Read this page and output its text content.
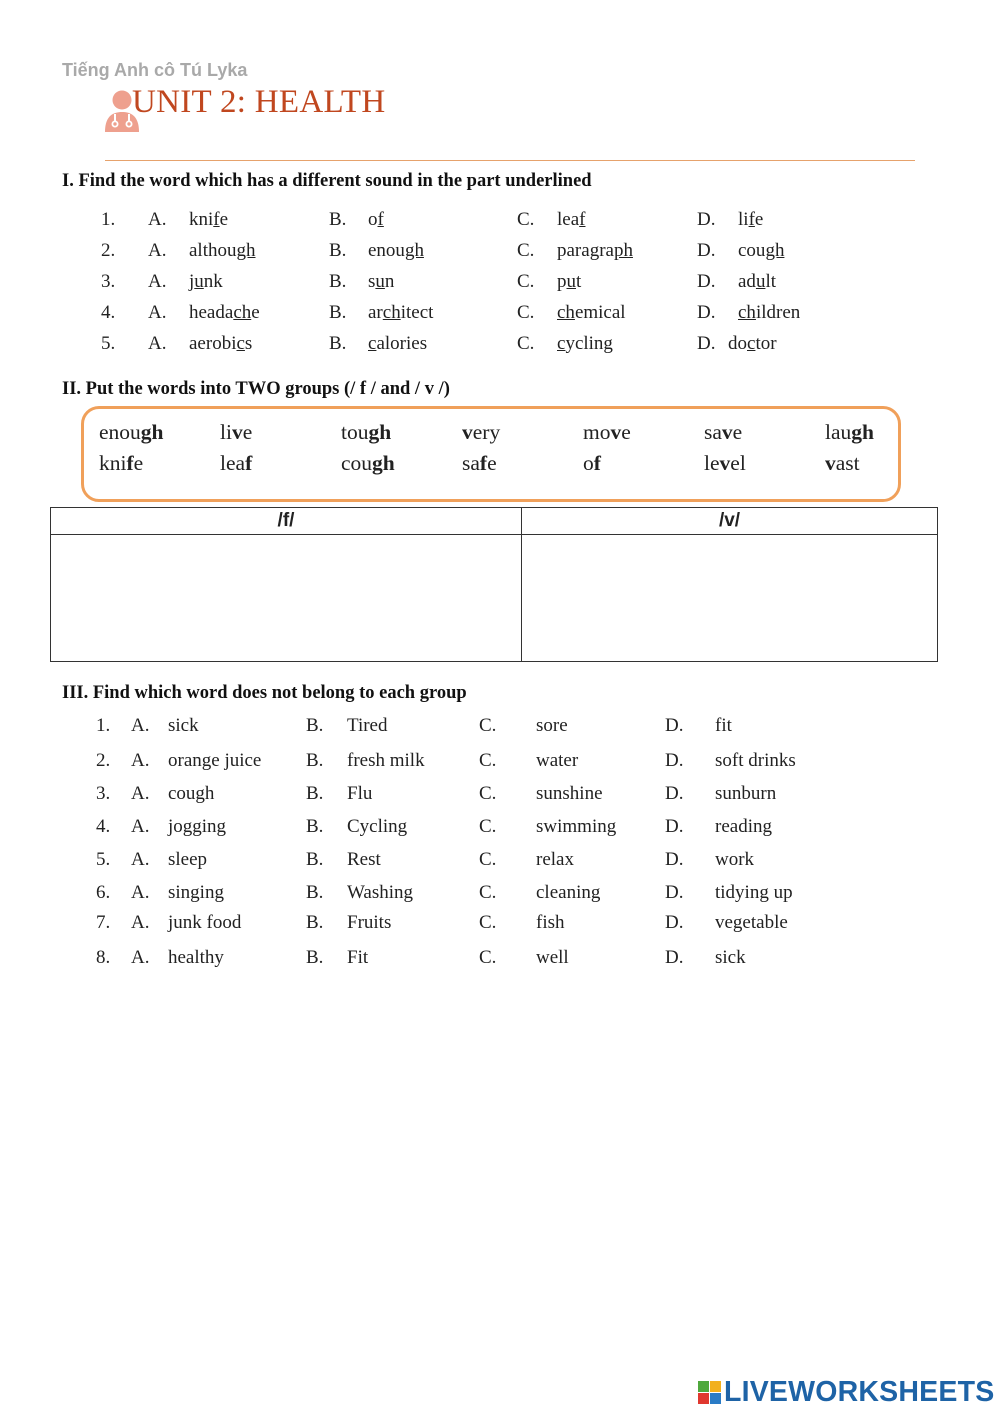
Tiếng Anh cô Tú Lyka
UNIT 2: HEALTH
I. Find the word which has a different sound in the part underlined
1. A. knife	B. of	C. leaf	D. life
2. A. although	B. enough	C. paragraph	D. cough
3. A. junk	B. sun	C. put	D. adult
4. A. headache	B. architect	C. chemical	D. children
5. A. aerobics	B. calories	C. cycling	D. doctor
II. Put the words into TWO groups (/ f / and / v /)
enough	live	tough	very	move	save	laugh
knife	leaf	cough	safe	of	level	vast
/f/	/v/

III. Find which word does not belong to each group
1. A. sick	B. Tired	C. sore	D. fit
2. A. orange juice B. fresh milk	C. water	D. soft drinks
3. A. cough	B. Flu	C. sunshine	D. sunburn
4. A. jogging	B. Cycling	C. swimming	D. reading
5. A. sleep	B. Rest	C. relax	D. work
6. A. singing	B. Washing	C. cleaning	D. tidying up
7. A. junk food	B. Fruits	C. fish	D. vegetable
8. A. healthy	B. Fit	C. well	D. sick
LIVEWORKSHEETS
